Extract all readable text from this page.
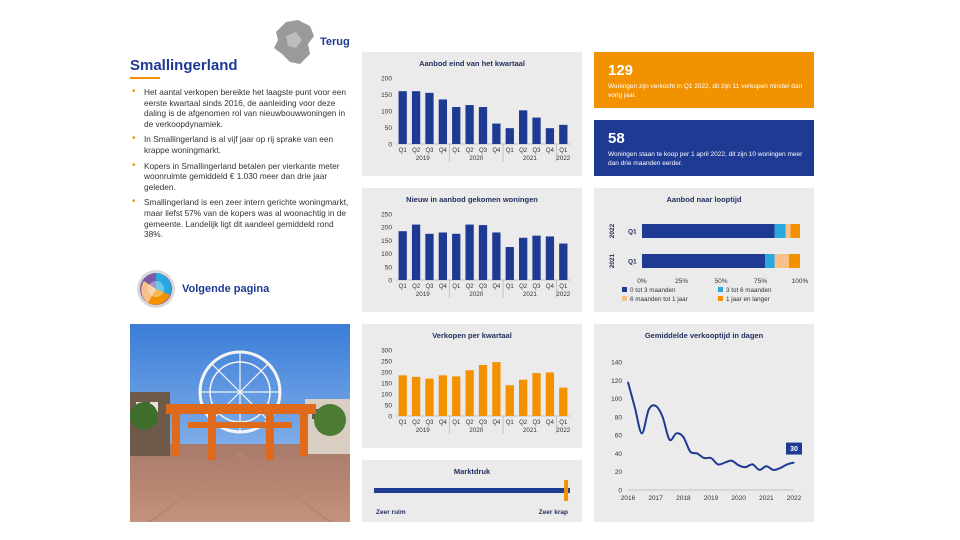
Terug
Smallingerland
• Het aantal verkopen bereikte het laagste punt voor een eerste kwartaal sinds 2016, de aanleiding voor deze daling is de afgenomen rol van nieuwbouwwoningen in de verkoopdynamiek.
• In Smallingerland is al vijf jaar op rij sprake van een krappe woningmarkt.
• Kopers in Smallingerland betalen per vierkante meter woonruimte gemiddeld € 1.030 meer dan drie jaar geleden.
• Smallingerland is een zeer intern gerichte woningmarkt, maar liefst 57% van de kopers was al woonachtig in de gemeente. Landelijk ligt dit aandeel gemiddeld rond 38%.
Volgende pagina
Aanbod eind van het kwartaal
0
50
100
150
200
Q1 Q2 Q3 Q4 Q1 Q2 Q3 Q4 Q1 Q2 Q3 Q4 Q1
2019	2020	2021	2022
Nieuw in aanbod gekomen woningen
0
50
100
150
200
250
Q1 Q2 Q3 Q4 Q1 Q2 Q3 Q4 Q1 Q2 Q3 Q4 Q1
2019	2020	2021	2022
Verkopen per kwartaal
0
50
100
150
200
250
300
Q1 Q2 Q3 Q4 Q1 Q2 Q3 Q4 Q1 Q2 Q3 Q4 Q1
2019	2020	2021	2022
Marktdruk
Zeer ruim	Zeer krap
129
Woningen zijn verkocht in Q1 2022, dit zijn 11 verkopen minder dan vorig jaar.
58
Woningen staan te koop per 1 april 2022, dit zijn 10 woningen meer dan drie maanden eerder.
Aanbod naar looptijd
2022 Q1
2021 Q1
0%	25%	50%	75%	100%
0 tot 3 maanden	3 tot 6 maanden
6 maanden tot 1 jaar	1 jaar en langer
Gemiddelde verkooptijd in dagen
0
20
40
60
80
100
120
140
2016 2017 2018 2019 2020 2021 2022
30
